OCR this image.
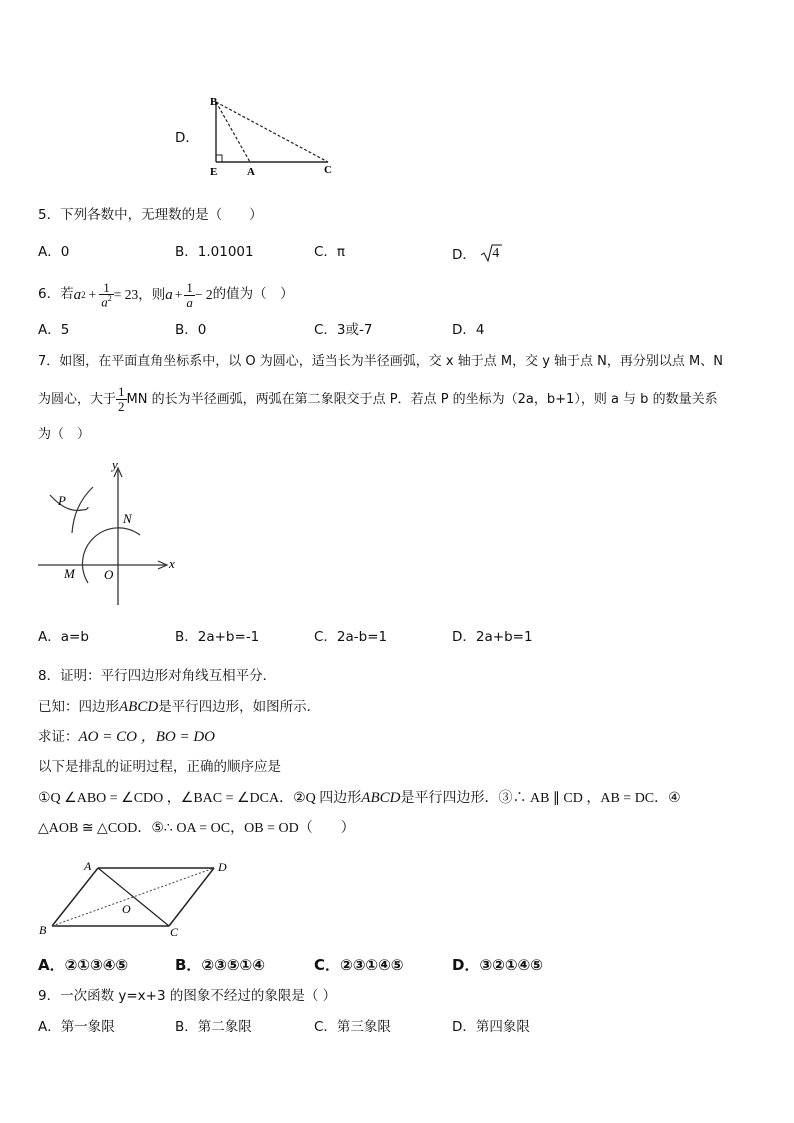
D．
B
E	A	C
5．下列各数中，无理数的是（　　）
A．0	B．1.01001	C．π	D． 4
6．若 a $2 + \frac{1}{a^2} = 23$，则 $a + \frac{1}{a} - 2$ 的值为（　）
A．5	B．0	C．3或-7	D．4
7．如图，在平面直角坐标系中，以 O 为圆心，适当长为半径画弧，交 x 轴于点 M，交 y 轴于点 N，再分别以点 M、N
为圆心，大于 $\frac{1}{2}$ MN 的长为半径画弧，两弧在第二象限交于点 P．若点 P 的坐标为（2a，b+1），则 a 与 b 的数量关系
为（　）
y
x
P
N
M O
A．a=b	B．2a+b=-1	C．2a-b=1	D．2a+b=1
8．证明：平行四边形对角线互相平分．
已知：四边形ABCD是平行四边形，如图所示．
求证：AO = CO ，BO = DO
以下是排乱的证明过程，正确的顺序应是
①Q ∠ABO = ∠CDO ，∠BAC = ∠DCA．②Q 四边形ABCD是平行四边形．③∴ AB ∥ CD ，AB = DC．④
△AOB ≅ △COD．⑤∴ OA = OC，OB = OD（　　）
A	D
O
B	C
A．②①③④⑤	B．②③⑤①④	C．②③①④⑤	D．③②①④⑤
9．一次函数 y=x+3 的图象不经过的象限是（ ）
A．第一象限	B．第二象限	C．第三象限	D．第四象限
